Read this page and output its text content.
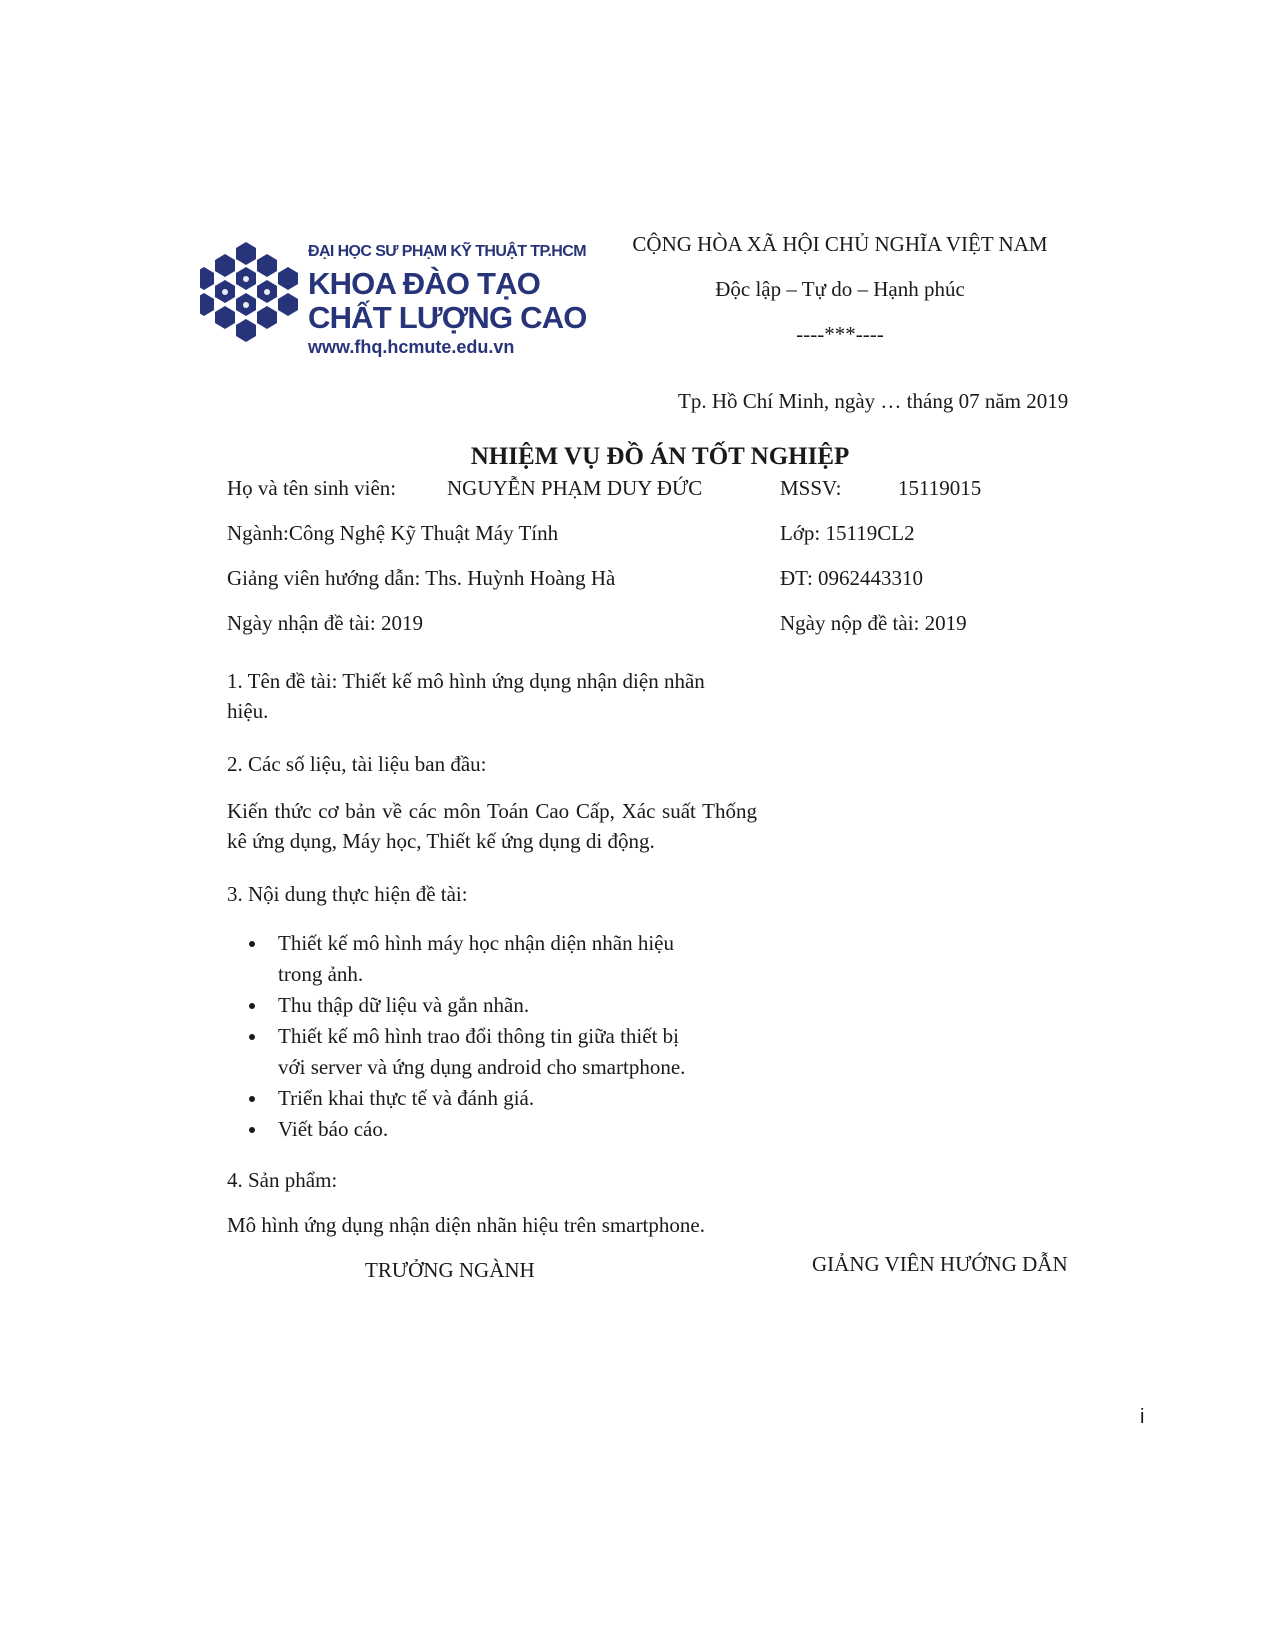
ĐẠI HỌC SƯ PHẠM KỸ THUẬT TP.HCM
KHOA ĐÀO TẠO
CHẤT LƯỢNG CAO
www.fhq.hcmute.edu.vn
CỘNG HÒA XÃ HỘI CHỦ NGHĨA VIỆT NAM
Độc lập – Tự do – Hạnh phúc
----***----
Tp. Hồ Chí Minh, ngày … tháng 07 năm 2019
NHIỆM VỤ ĐỒ ÁN TỐT NGHIỆP
Họ và tên sinh viên: NGUYỄN PHẠM DUY ĐỨC	MSSV:	15119015
Ngành:Công Nghệ Kỹ Thuật Máy Tính	Lớp: 15119CL2
Giảng viên hướng dẫn: Ths. Huỳnh Hoàng Hà	ĐT: 0962443310
Ngày nhận đề tài: 2019	Ngày nộp đề tài: 2019
1. Tên đề tài: Thiết kế mô hình ứng dụng nhận diện nhãn hiệu.
2. Các số liệu, tài liệu ban đầu:
Kiến thức cơ bản về các môn Toán Cao Cấp, Xác suất Thống kê ứng dụng, Máy học, Thiết kế ứng dụng di động.
3. Nội dung thực hiện đề tài:
• Thiết kế mô hình máy học nhận diện nhãn hiệu trong ảnh.
• Thu thập dữ liệu và gắn nhãn.
• Thiết kế mô hình trao đổi thông tin giữa thiết bị với server và ứng dụng android cho smartphone.
• Triển khai thực tế và đánh giá.
• Viết báo cáo.
4. Sản phẩm:
Mô hình ứng dụng nhận diện nhãn hiệu trên smartphone.
TRƯỞNG NGÀNH	GIẢNG VIÊN HƯỚNG DẪN
i
